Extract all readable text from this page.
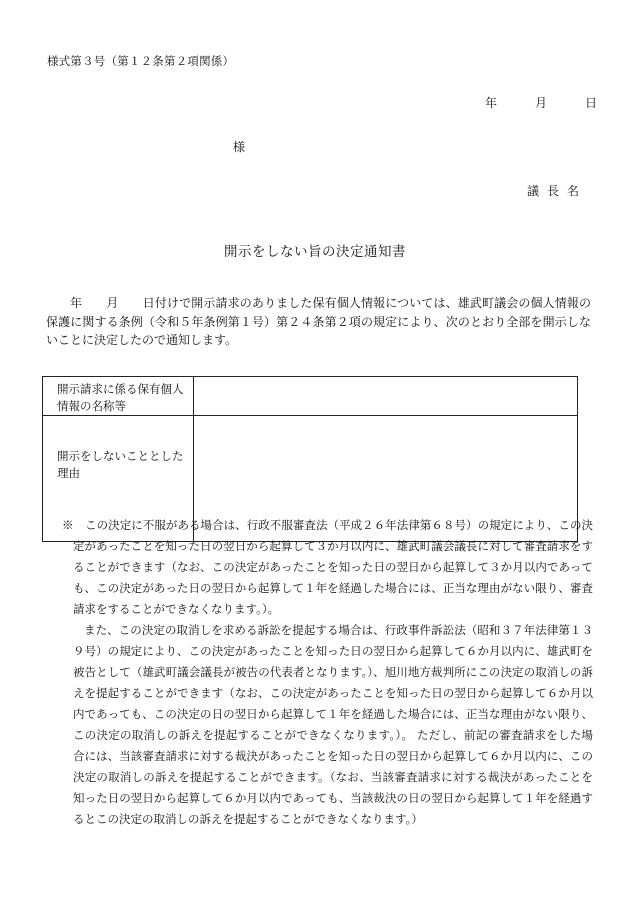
様式第３号（第１２条第２項関係）
年	月	日
様
議長名
開示をしない旨の決定通知書
年　　月　　日付けで開示請求のありました保有個人情報については、雄武町議会の個人情報の保護に関する条例（令和５年条例第１号）第２４条第２項の規定により、次のとおり全部を開示しないことに決定したので通知します。
開示請求に係る保有個人情報の名称等	
開示をしないこととした理由	
※　この決定に不服がある場合は、行政不服審査法（平成２６年法律第６８号）の規定により、この決定があったことを知った日の翌日から起算して３か月以内に、雄武町議会議長に対して審査請求をすることができます（なお、この決定があったことを知った日の翌日から起算して３か月以内であっても、この決定があった日の翌日から起算して１年を経過した場合には、正当な理由がない限り、審査請求をすることができなくなります。）。
また、この決定の取消しを求める訴訟を提起する場合は、行政事件訴訟法（昭和３７年法律第１３９号）の規定により、この決定があったことを知った日の翌日から起算して６か月以内に、雄武町を被告として（雄武町議会議長が被告の代表者となります。）、旭川地方裁判所にこの決定の取消しの訴えを提起することができます（なお、この決定があったことを知った日の翌日から起算して６か月以内であっても、この決定の日の翌日から起算して１年を経過した場合には、正当な理由がない限り、この決定の取消しの訴えを提起することができなくなります。）。 ただし、前記の審査請求をした場合には、当該審査請求に対する裁決があったことを知った日の翌日から起算して６か月以内に、この決定の取消しの訴えを提起することができます。（なお、当該審査請求に対する裁決があったことを知った日の翌日から起算して６か月以内であっても、当該裁決の日の翌日から起算して１年を経過するとこの決定の取消しの訴えを提起することができなくなります。）
